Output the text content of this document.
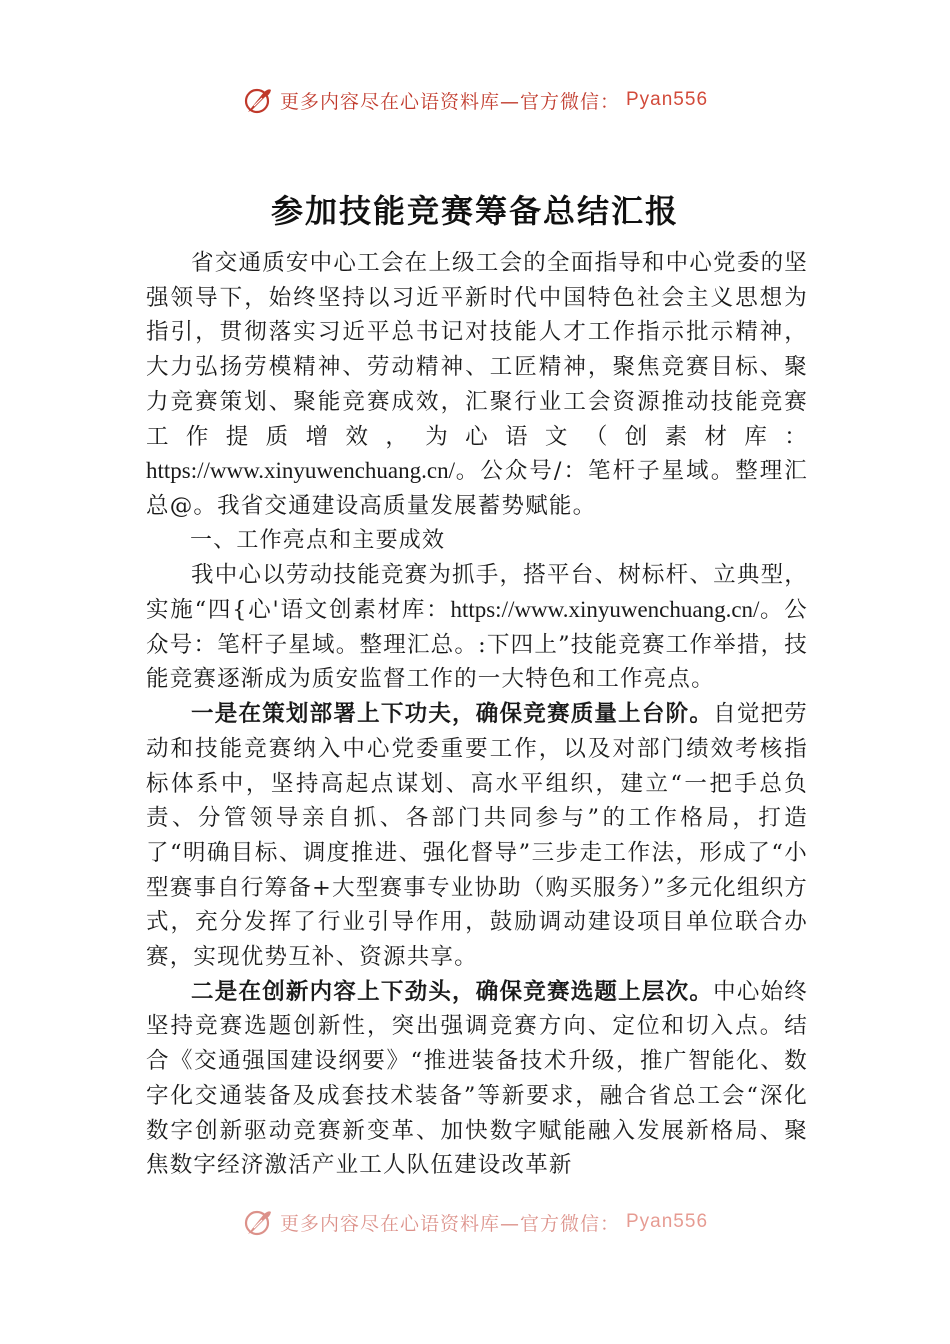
更多内容尽在心语资料库—官方微信： Pyan556
参加技能竞赛筹备总结汇报

省交通质安中心工会在上级工会的全面指导和中心党委的坚强领导下，始终坚持以习近平新时代中国特色社会主义思想为指引，贯彻落实习近平总书记对技能人才工作指示批示精神，大力弘扬劳模精神、劳动精神、工匠精神，聚焦竞赛目标、聚力竞赛策划、聚能竞赛成效，汇聚行业工会资源推动技能竞赛工作提质增效，为心语文（创素材库：https://www.xinyuwenchuang.cn/。公众号/：笔杆子星域。整理汇总@。我省交通建设高质量发展蓄势赋能。

一、工作亮点和主要成效

我中心以劳动技能竞赛为抓手，搭平台、树标杆、立典型，实施“四{心'语文创素材库：https://www.xinyuwenchuang.cn/。公众号：笔杆子星域。整理汇总。:下四上”技能竞赛工作举措，技能竞赛逐渐成为质安监督工作的一大特色和工作亮点。

一是在策划部署上下功夫，确保竞赛质量上台阶。自觉把劳动和技能竞赛纳入中心党委重要工作，以及对部门绩效考核指标体系中，坚持高起点谋划、高水平组织，建立“一把手总负责、分管领导亲自抓、各部门共同参与”的工作格局，打造了“明确目标、调度推进、强化督导”三步走工作法，形成了“小型赛事自行筹备+大型赛事专业协助（购买服务）”多元化组织方式，充分发挥了行业引导作用，鼓励调动建设项目单位联合办赛，实现优势互补、资源共享。

二是在创新内容上下劲头，确保竞赛选题上层次。中心始终坚持竞赛选题创新性，突出强调竞赛方向、定位和切入点。结合《交通强国建设纲要》“推进装备技术升级，推广智能化、数字化交通装备及成套技术装备”等新要求，融合省总工会“深化数字创新驱动竞赛新变革、加快数字赋能融入发展新格局、聚焦数字经济激活产业工人队伍建设改革新

更多内容尽在心语资料库—官方微信： Pyan556
